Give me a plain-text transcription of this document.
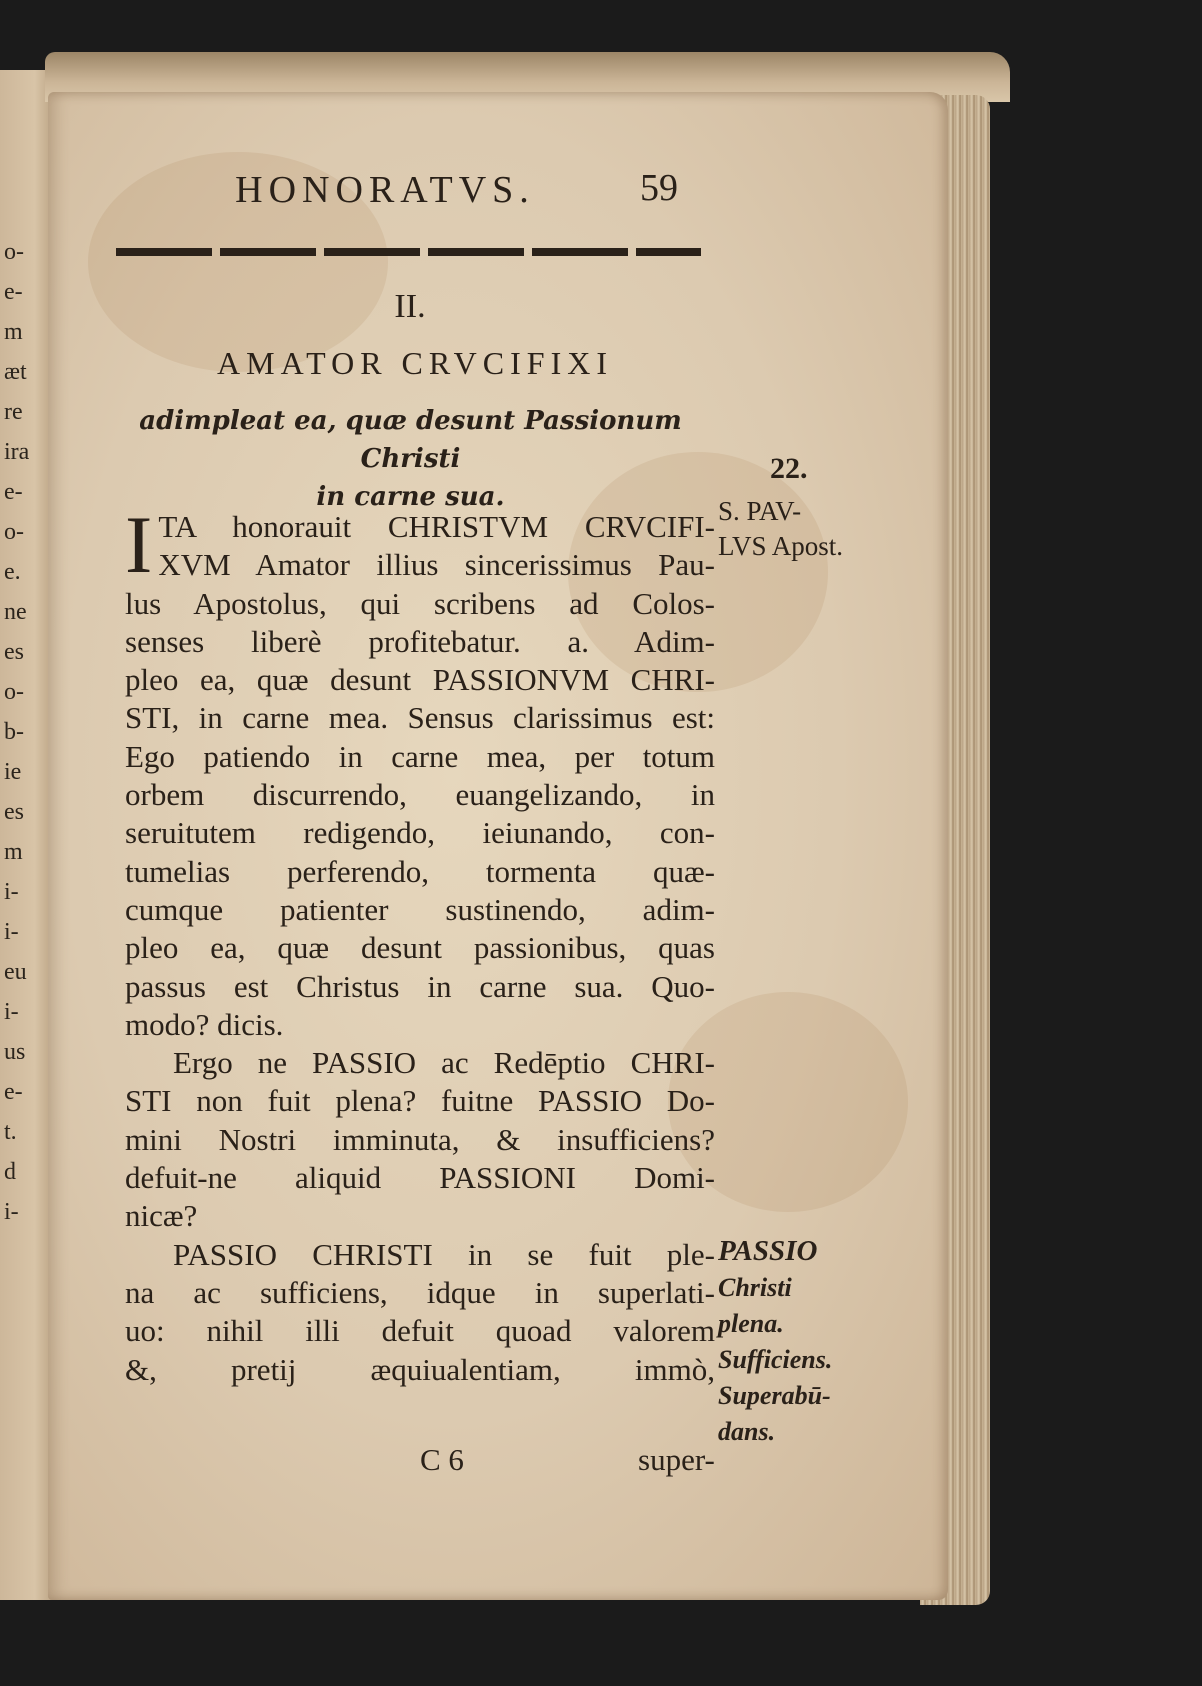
o-
e-
m
æt
re
ira
e-
o-
e.
ne
es
o-
b-
ie
es
m
i-
i-
eu
i-
us
e-
t.
d
i-
HONORATVS.	59
II.
AMATOR CRVCIFIXI
adimpleat ea, quæ desunt Passionum Christi
in carne sua.
22.
S. PAV-
LVS Apost.
PASSIO
Christi
plena.
Sufficiens.
Superabū-
dans.
I TA honorauit CHRISTVM CRVCIFI-
XVM Amator illius sincerissimus Pau-
lus Apostolus, qui scribens ad Colos-
senses liberè profitebatur. a. Adim-
pleo ea, quæ desunt PASSIONVM CHRI-
STI, in carne mea. Sensus clarissimus est:
Ego patiendo in carne mea, per totum
orbem discurrendo, euangelizando, in
seruitutem redigendo, ieiunando, con-
tumelias perferendo, tormenta quæ-
cumque patienter sustinendo, adim-
pleo ea, quæ desunt passionibus, quas
passus est Christus in carne sua. Quo-
modo? dicis.
Ergo ne PASSIO ac Redēptio CHRI-
STI non fuit plena? fuitne PASSIO Do-
mini Nostri imminuta, & insufficiens?
defuit-ne aliquid PASSIONI Domi-
nicæ?
PASSIO CHRISTI in se fuit ple-
na ac sufficiens, idque in superlati-
uo: nihil illi defuit quoad valorem
&, pretij æquiualentiam, immò,
C 6	super-
